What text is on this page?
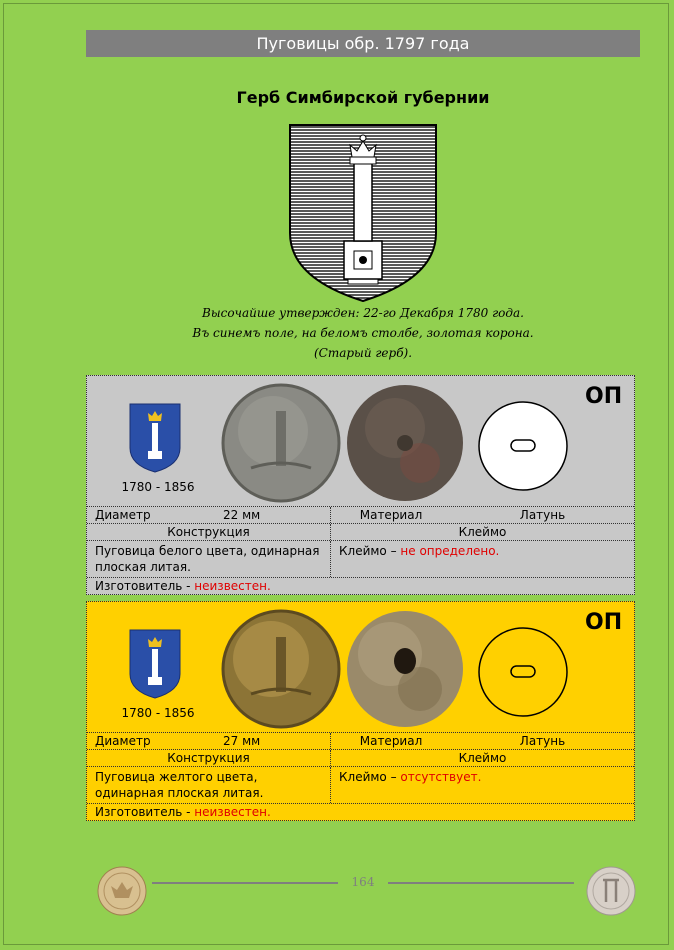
Пуговицы обр. 1797 года
Герб Симбирской губернии
Высочайше утвержден: 22-го Декабря 1780 года.
Въ синемъ поле, на беломъ столбе, золотая корона.
(Старый герб).
1780 - 1856
ОП
Диаметр	22 мм	Материал	Латунь
Конструкция	Клеймо
Пуговица белого цвета, одинарная плоская литая.
Клеймо – не определено.
Изготовитель - неизвестен.
1780 - 1856
ОП
Диаметр	27 мм	Материал	Латунь
Конструкция	Клеймо
Пуговица желтого цвета, одинарная плоская литая.
Клеймо – отсутствует.
Изготовитель - неизвестен.
164
